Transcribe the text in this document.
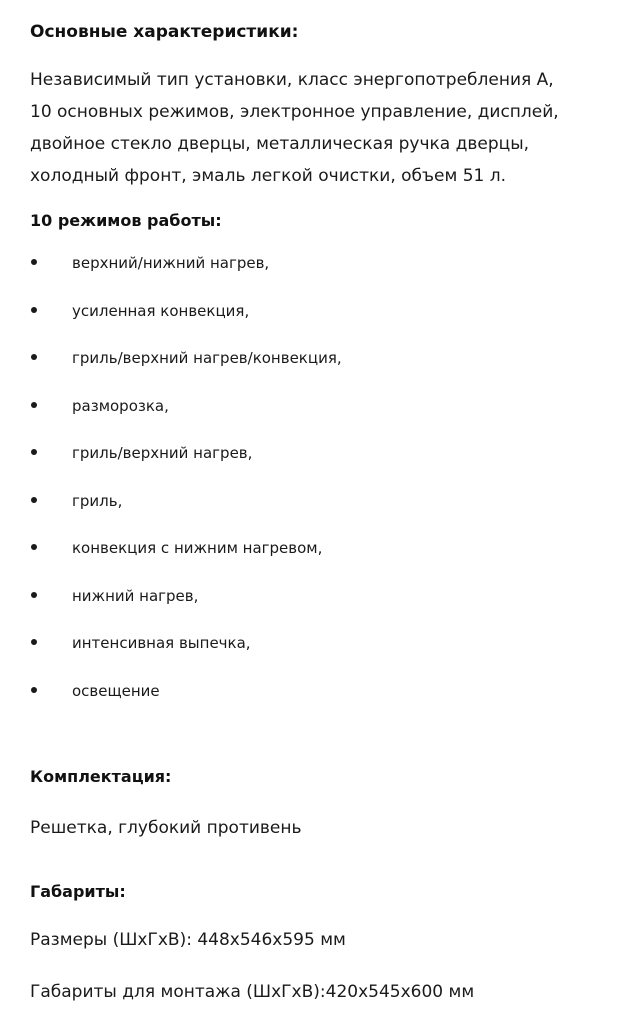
Основные характеристики:
Независимый тип установки, класс энергопотребления А,
10 основных режимов, электронное управление, дисплей,
двойное стекло дверцы, металлическая ручка дверцы,
холодный фронт, эмаль легкой очистки, объем 51 л.
10 режимов работы:
верхний/нижний нагрев,
усиленная конвекция,
гриль/верхний нагрев/конвекция,
разморозка,
гриль/верхний нагрев,
гриль,
конвекция с нижним нагревом,
нижний нагрев,
интенсивная выпечка,
освещение
Комплектация:
Решетка, глубокий противень
Габариты:
Размеры (ШхГхВ): 448х546х595 мм
Габариты для монтажа (ШхГхВ):420х545х600 мм
